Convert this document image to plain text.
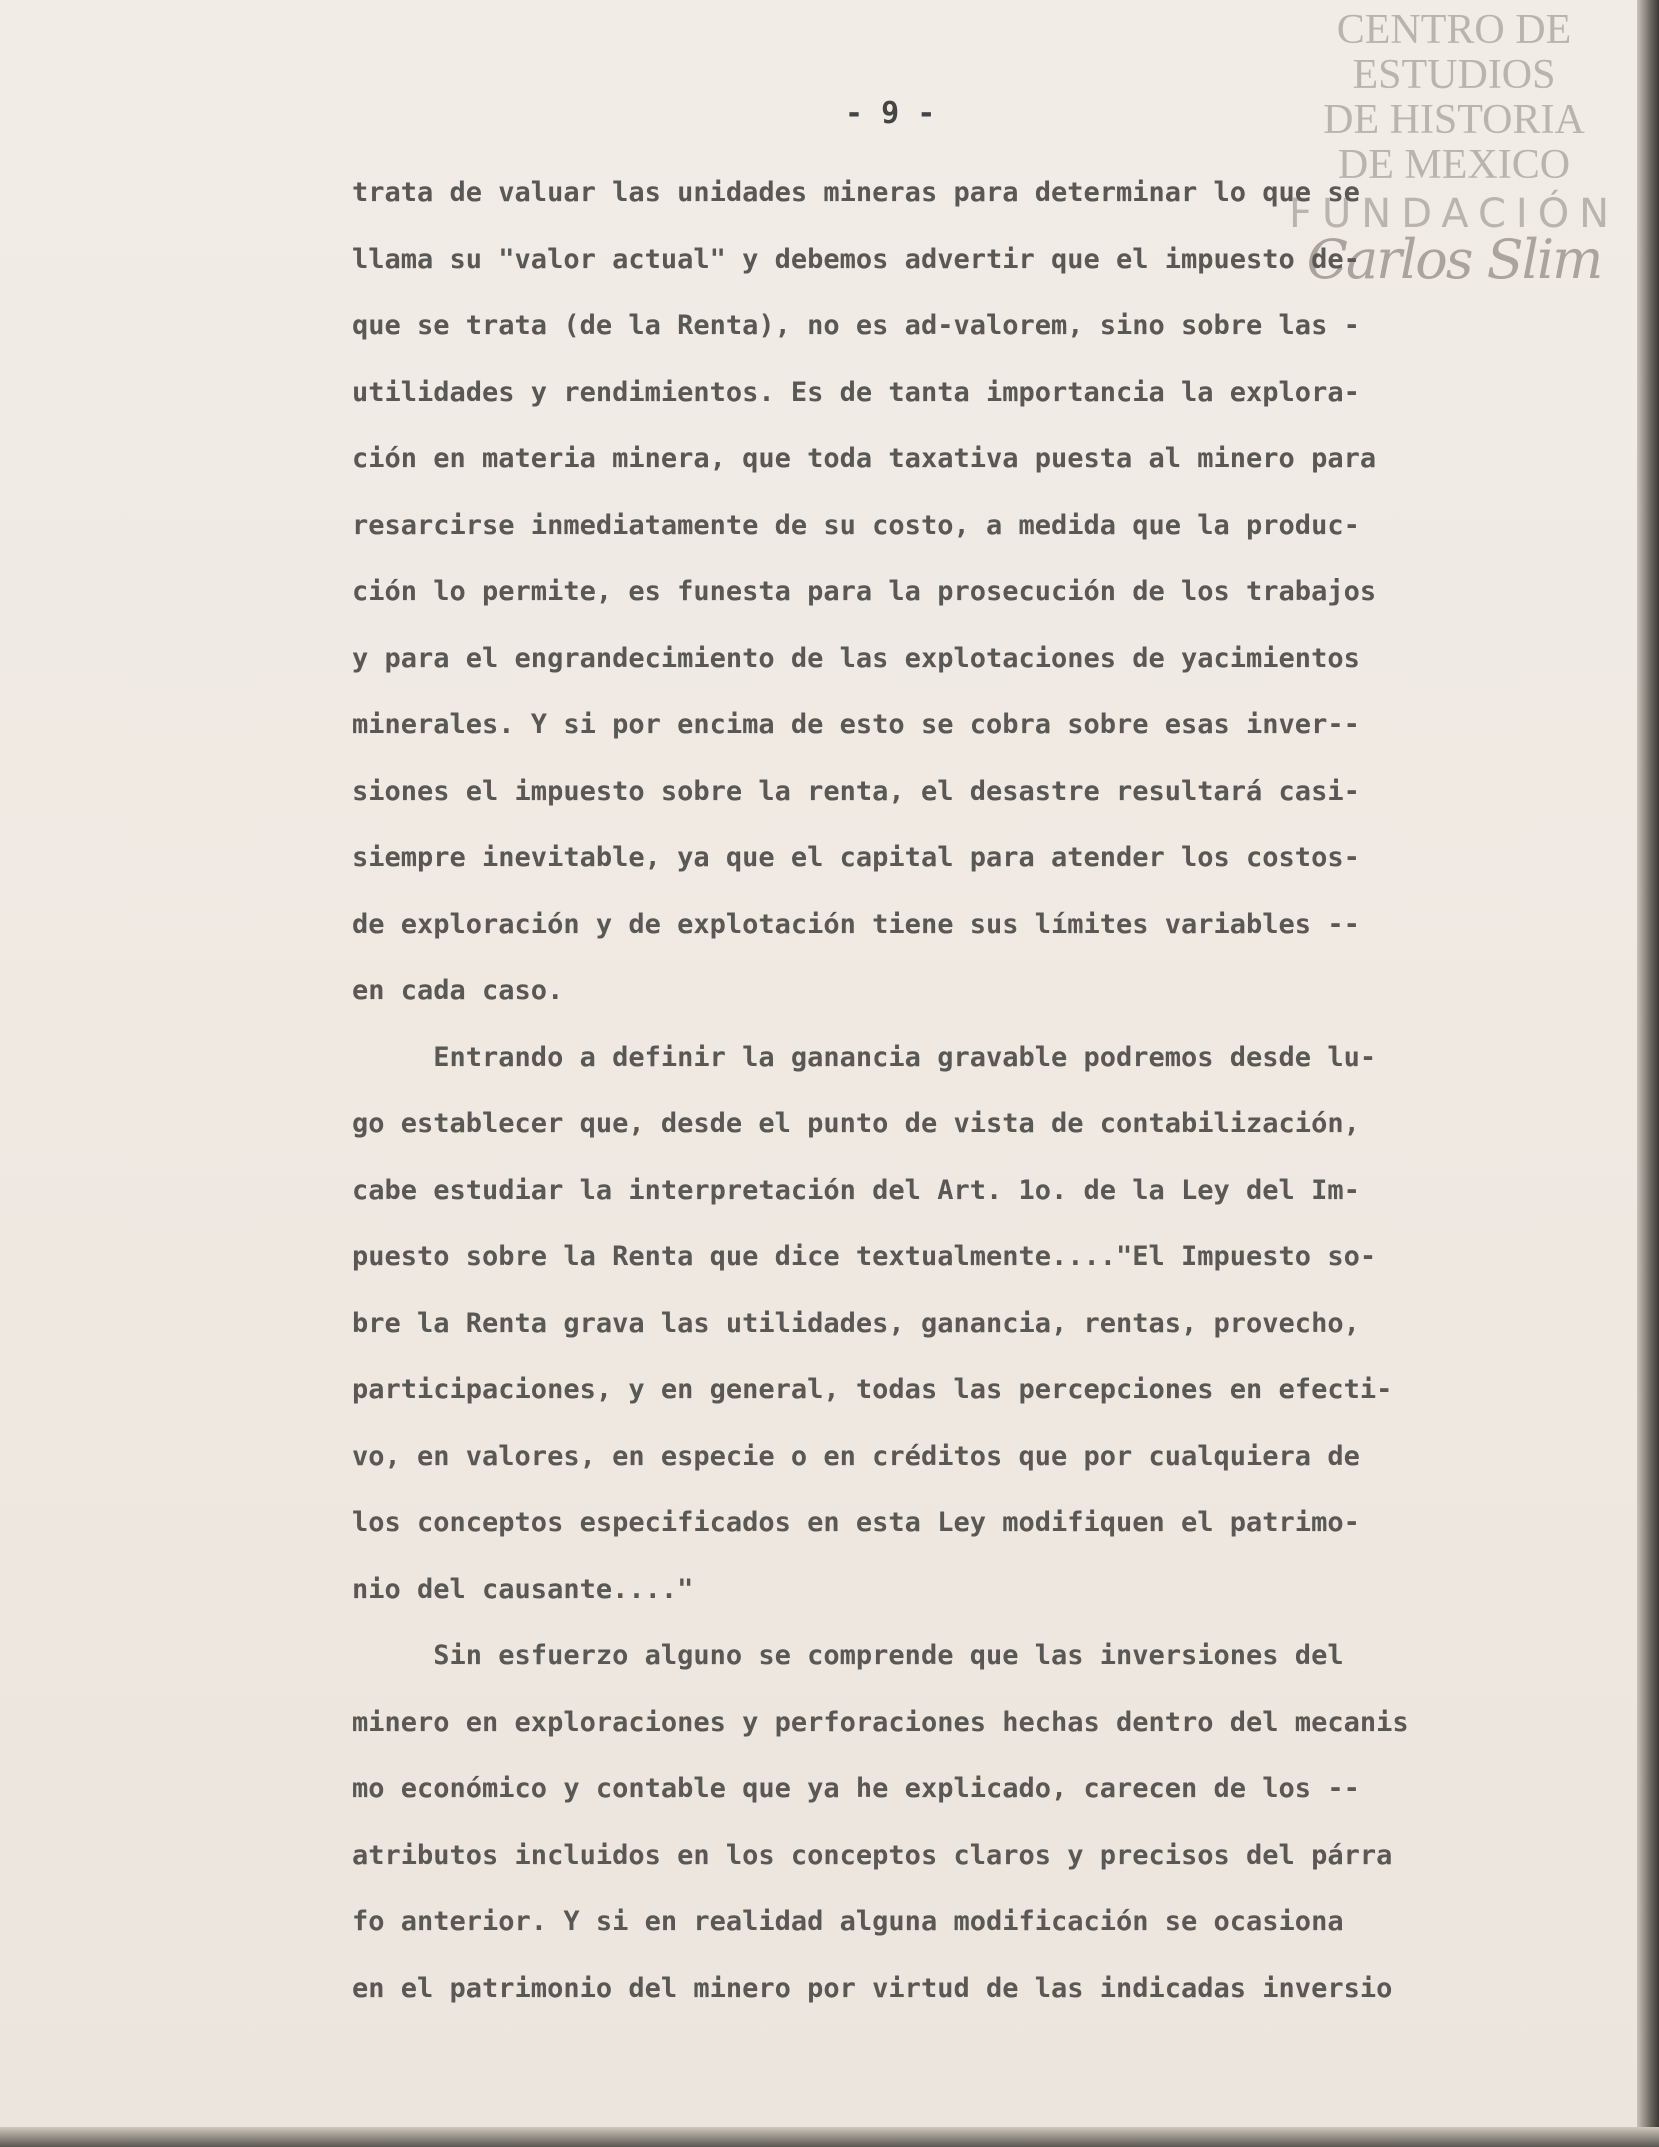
CENTRO DE
ESTUDIOS
DE HISTORIA
DE MEXICO
FUNDACIÓN
Carlos Slim
- 9 -
trata de valuar las unidades mineras para determinar lo que se
llama su "valor actual" y debemos advertir que el impuesto de-
que se trata (de la Renta), no es ad-valorem, sino sobre las -
utilidades y rendimientos. Es de tanta importancia la explora-
ción en materia minera, que toda taxativa puesta al minero para
resarcirse inmediatamente de su costo, a medida que la produc-
ción lo permite, es funesta para la prosecución de los trabajos
y para el engrandecimiento de las explotaciones de yacimientos
minerales. Y si por encima de esto se cobra sobre esas inver--
siones el impuesto sobre la renta, el desastre resultará casi-
siempre inevitable, ya que el capital para atender los costos-
de exploración y de explotación tiene sus límites variables --
en cada caso.
Entrando a definir la ganancia gravable podremos desde lu-
go establecer que, desde el punto de vista de contabilización,
cabe estudiar la interpretación del Art. 1o. de la Ley del Im-
puesto sobre la Renta que dice textualmente...."El Impuesto so-
bre la Renta grava las utilidades, ganancia, rentas, provecho,
participaciones, y en general, todas las percepciones en efecti-
vo, en valores, en especie o en créditos que por cualquiera de
los conceptos especificados en esta Ley modifiquen el patrimo-
nio del causante...."
Sin esfuerzo alguno se comprende que las inversiones del
minero en exploraciones y perforaciones hechas dentro del mecanis
mo económico y contable que ya he explicado, carecen de los --
atributos incluidos en los conceptos claros y precisos del párra
fo anterior. Y si en realidad alguna modificación se ocasiona
en el patrimonio del minero por virtud de las indicadas inversio
